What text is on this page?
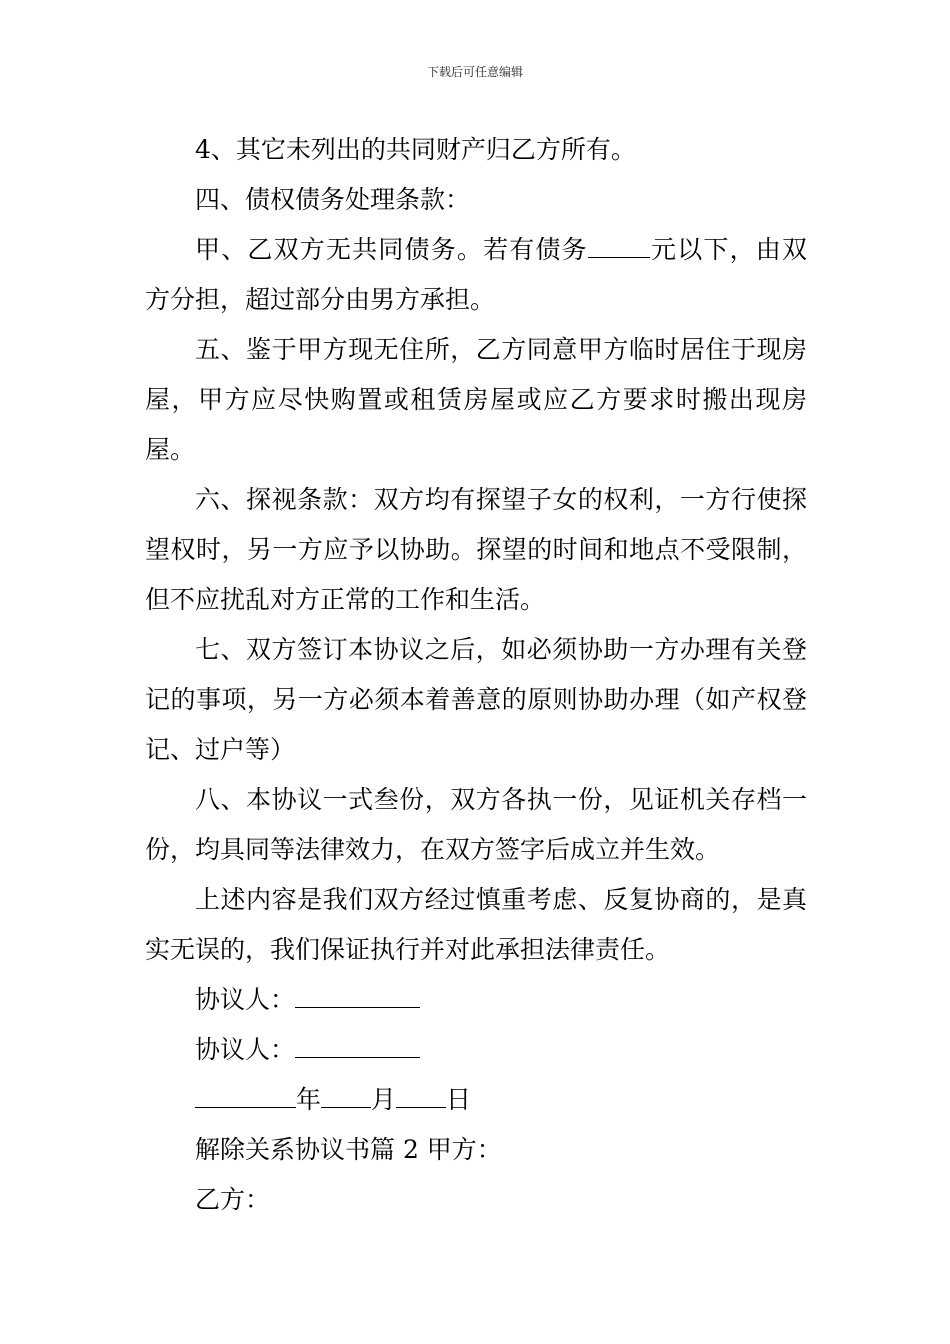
下载后可任意编辑

4、其它未列出的共同财产归乙方所有。

四、债权债务处理条款：

甲、乙双方无共同债务。若有债务 元以下，由双方分担，超过部分由男方承担。

五、鉴于甲方现无住所，乙方同意甲方临时居住于现房屋，甲方应尽快购置或租赁房屋或应乙方要求时搬出现房屋。

六、探视条款：双方均有探望子女的权利，一方行使探望权时，另一方应予以协助。探望的时间和地点不受限制，但不应扰乱对方正常的工作和生活。

七、双方签订本协议之后，如必须协助一方办理有关登记的事项，另一方必须本着善意的原则协助办理（如产权登记、过户等）

八、本协议一式叁份，双方各执一份，见证机关存档一份，均具同等法律效力，在双方签字后成立并生效。

上述内容是我们双方经过慎重考虑、反复协商的，是真实无误的，我们保证执行并对此承担法律责任。

协议人：

协议人：

年 月 日

解除关系协议书篇 2 甲方：

乙方：
